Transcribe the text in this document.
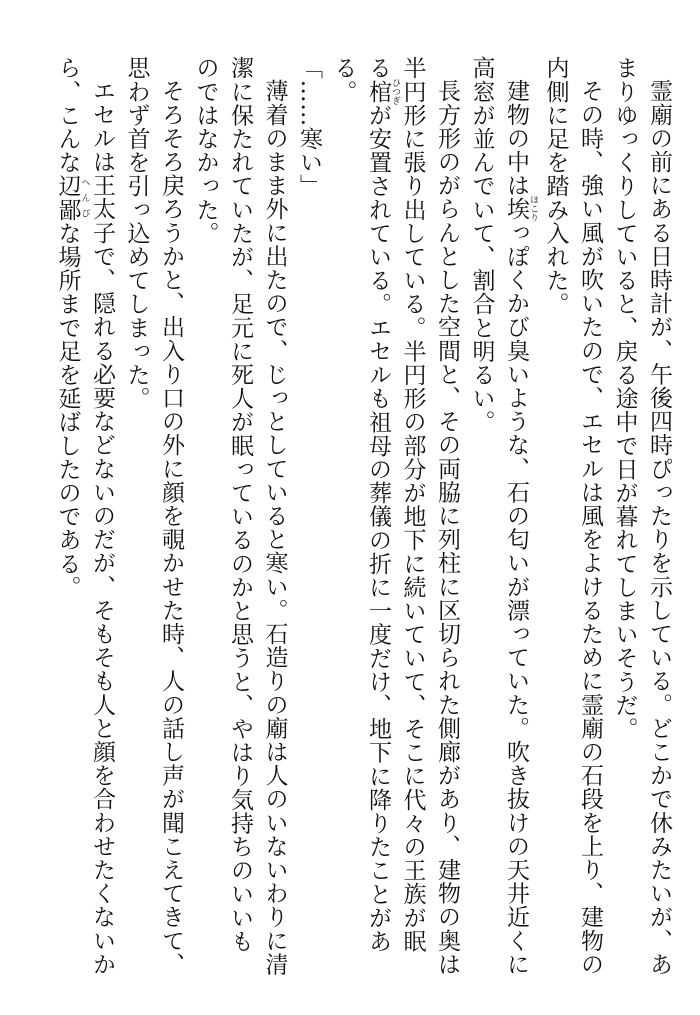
霊廟の前にある日時計が、午後四時ぴったりを示している。どこかで休みたいが、あまりゆっくりしていると、戻る途中で日が暮れてしまいそうだ。

その時、強い風が吹いたので、エセルは風をよけるために霊廟の石段を上り、建物の内側に足を踏み入れた。

建物の中は埃 ほこりっぽくかび臭いような、石の匂いが漂っていた。吹き抜けの天井近くに高窓が並んでいて、割合と明るい。

長方形のがらんとした空間と、その両脇に列柱に区切られた側廊があり、建物の奥は半円形に張り出している。半円形の部分が地下に続いていて、そこに代々の王族が眠る棺 ひつぎが安置されている。エセルも祖母の葬儀の折に一度だけ、地下に降りたことがある。

「……寒い」

薄着のまま外に出たので、じっとしていると寒い。石造りの廟は人のいないわりに清潔に保たれていたが、足元に死人が眠っているのかと思うと、やはり気持ちのいいものではなかった。

そろそろ戻ろうかと、出入り口の外に顔を覗かせた時、人の話し声が聞こえてきて、思わず首を引っ込めてしまった。

エセルは王太子で、隠れる必要などないのだが、そもそも人と顔を合わせたくないから、こんな辺鄙 へんぴな場所まで足を延ばしたのである。
